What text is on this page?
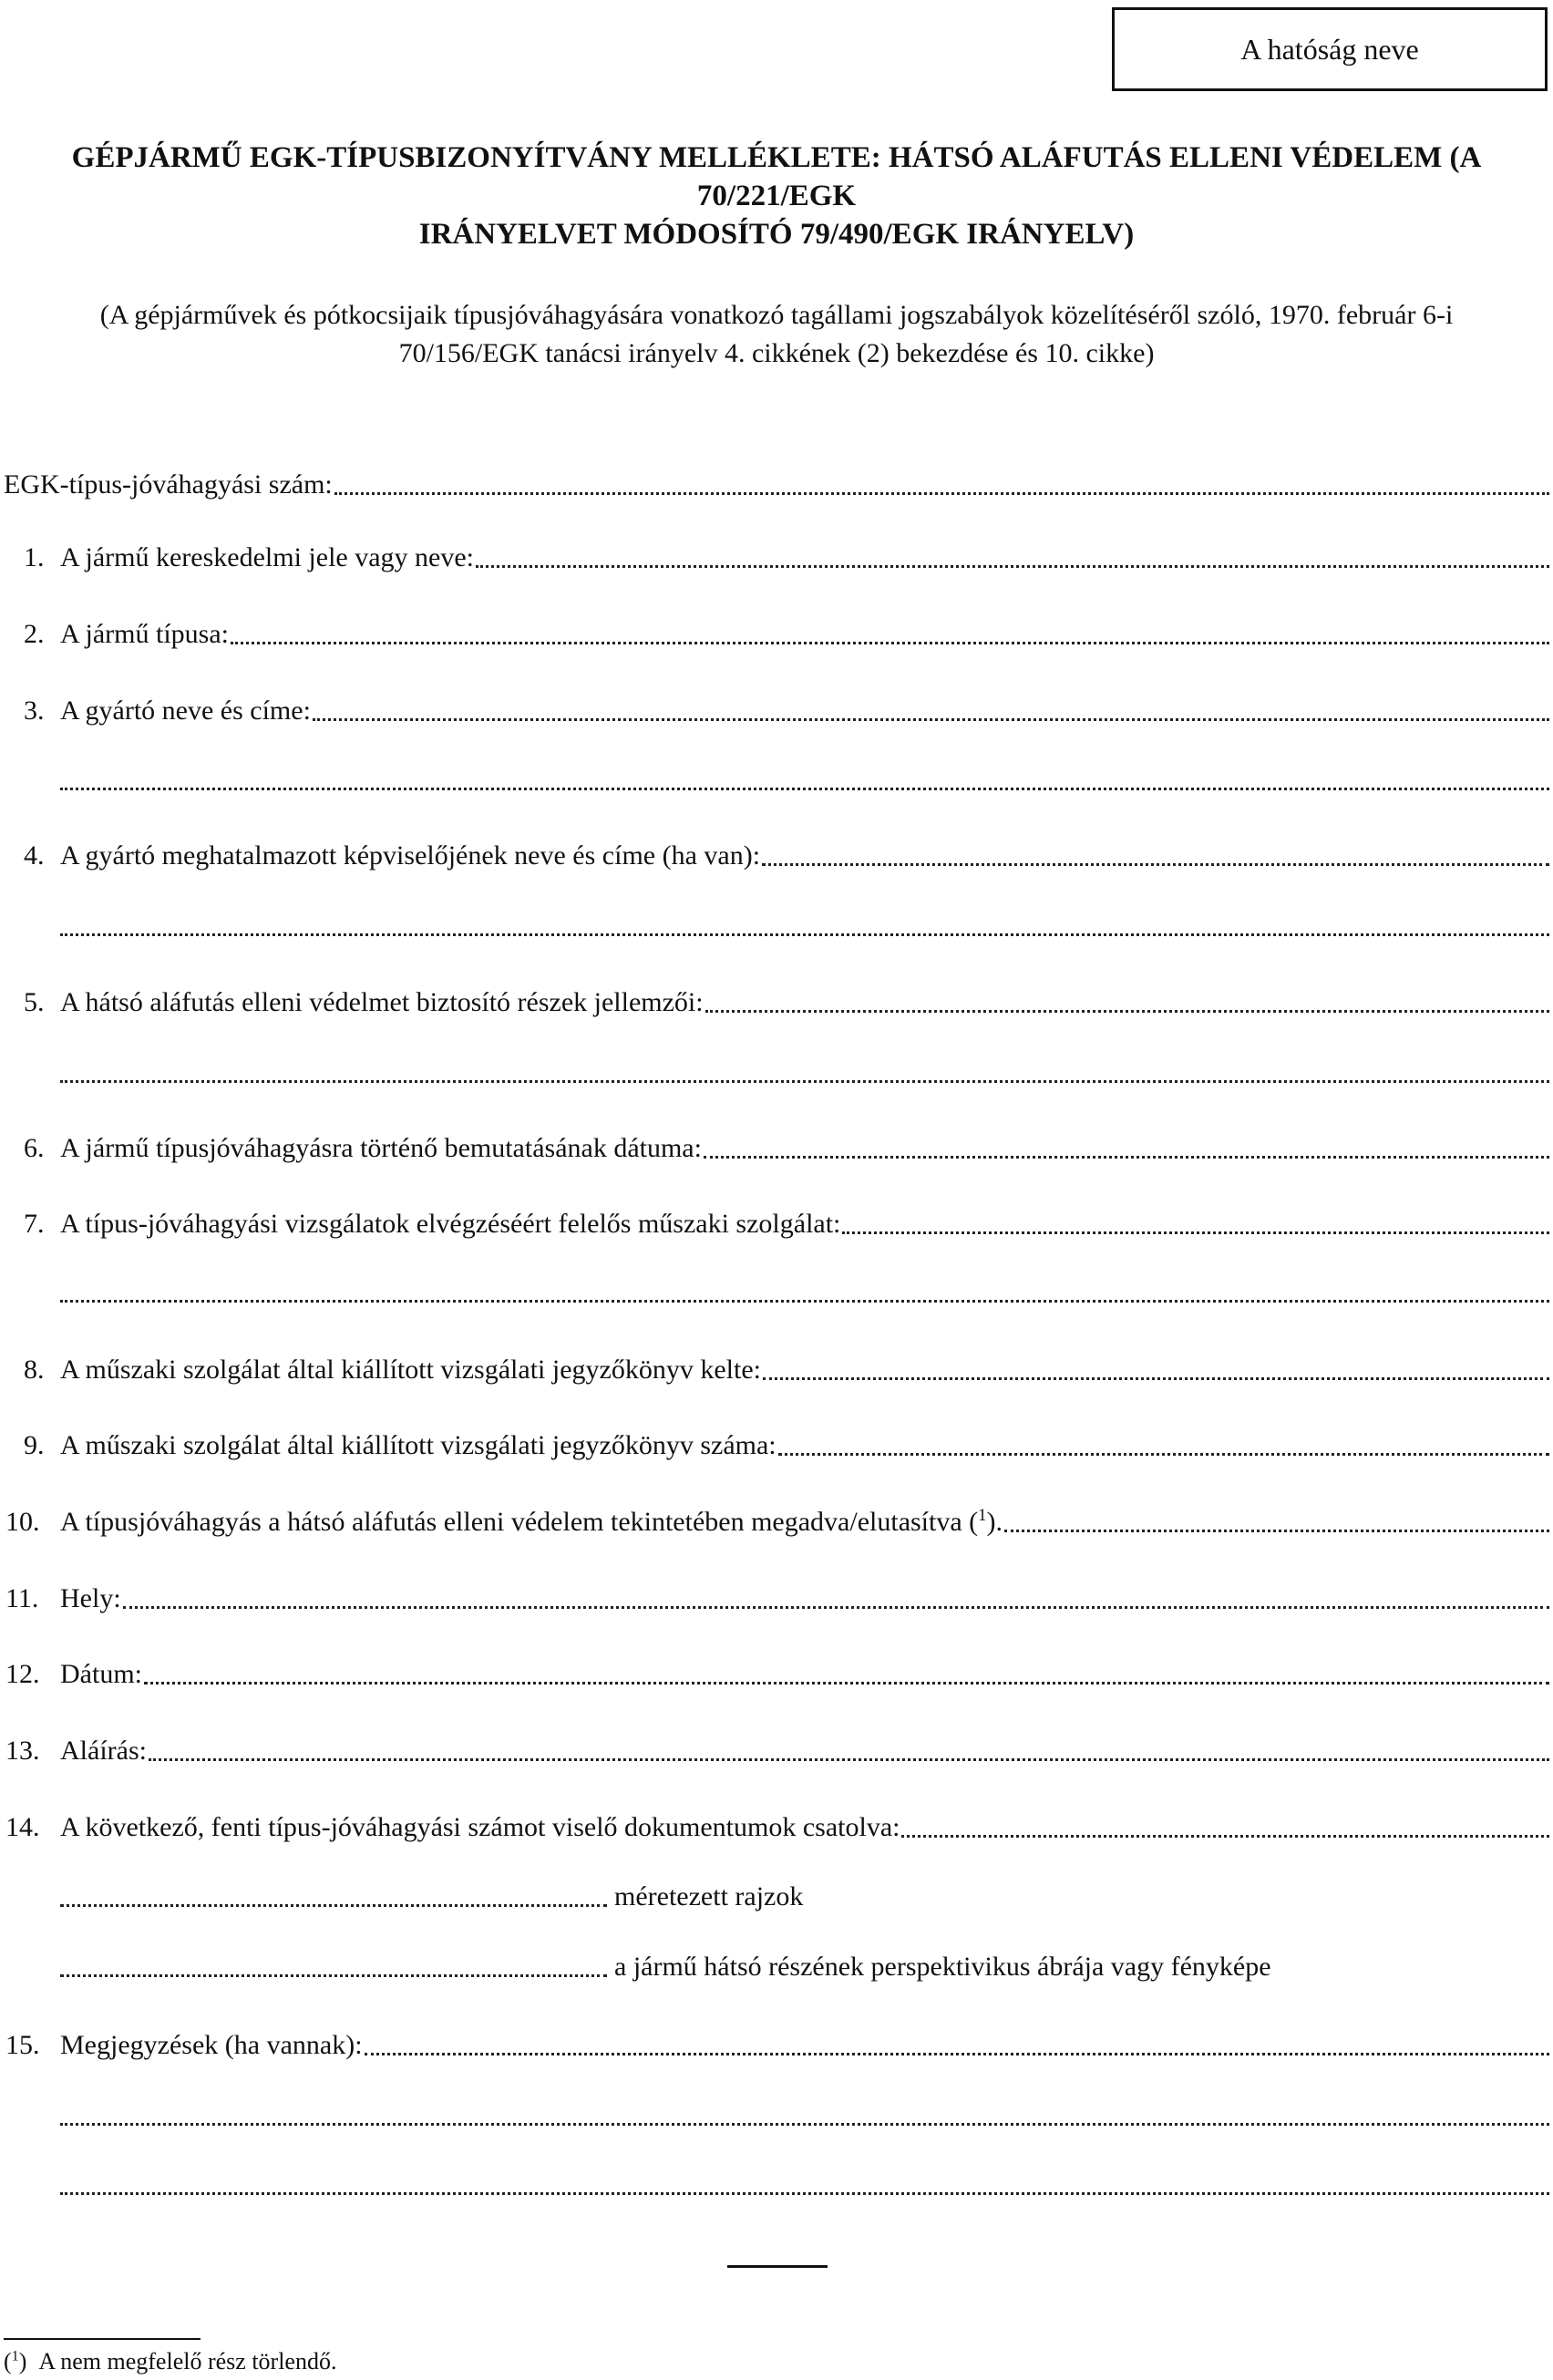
A hatóság neve
GÉPJÁRMŰ EGK-TÍPUSBIZONYÍTVÁNY MELLÉKLETE: HÁTSÓ ALÁFUTÁS ELLENI VÉDELEM (A 70/221/EGK
IRÁNYELVET MÓDOSÍTÓ 79/490/EGK IRÁNYELV)
(A gépjárművek és pótkocsijaik típusjóváhagyására vonatkozó tagállami jogszabályok közelítéséről szóló, 1970. február 6-i
70/156/EGK tanácsi irányelv 4. cikkének (2) bekezdése és 10. cikke)
EGK-típus-jóváhagyási szám:
1. A jármű kereskedelmi jele vagy neve:
2. A jármű típusa:
3. A gyártó neve és címe:
4. A gyártó meghatalmazott képviselőjének neve és címe (ha van):
5. A hátsó aláfutás elleni védelmet biztosító részek jellemzői:
6. A jármű típusjóváhagyásra történő bemutatásának dátuma:
7. A típus-jóváhagyási vizsgálatok elvégzéséért felelős műszaki szolgálat:
8. A műszaki szolgálat által kiállított vizsgálati jegyzőkönyv kelte:
9. A műszaki szolgálat által kiállított vizsgálati jegyzőkönyv száma:
10. A típusjóváhagyás a hátsó aláfutás elleni védelem tekintetében megadva/elutasítva ($^1$).
11. Hely:
12. Dátum:
13. Aláírás:
14. A következő, fenti típus-jóváhagyási számot viselő dokumentumok csatolva:
méretezett rajzok
a jármű hátsó részének perspektivikus ábrája vagy fényképe
15. Megjegyzések (ha vannak):
($^1$) A nem megfelelő rész törlendő.
